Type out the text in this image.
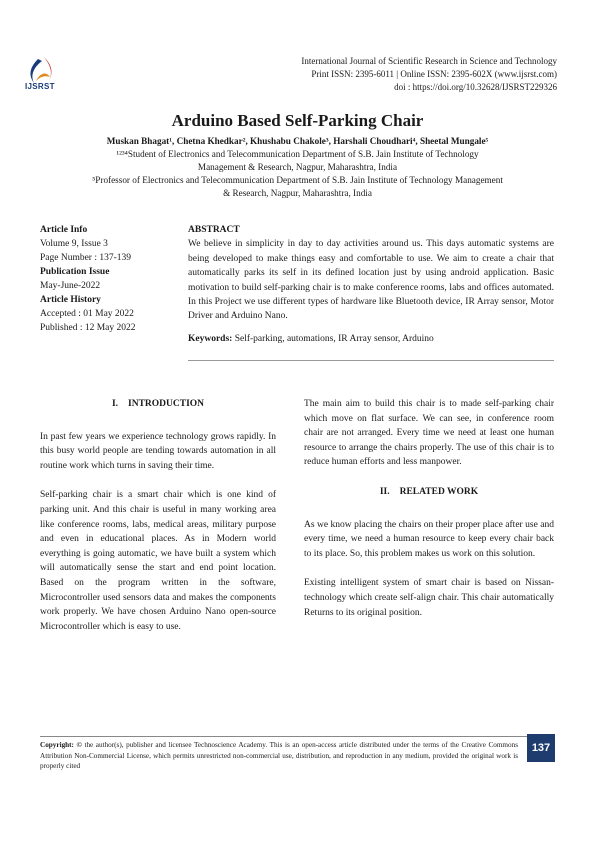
IJSRST
International Journal of Scientific Research in Science and Technology
Print ISSN: 2395-6011 | Online ISSN: 2395-602X (www.ijsrst.com)
doi : https://doi.org/10.32628/IJSRST229326
Arduino Based Self-Parking Chair
Muskan Bhagat¹, Chetna Khedkar², Khushabu Chakole³, Harshali Choudhari⁴, Sheetal Mungale⁵
¹²³⁴Student of Electronics and Telecommunication Department of S.B. Jain Institute of Technology
Management & Research, Nagpur, Maharashtra, India
⁵Professor of Electronics and Telecommunication Department of S.B. Jain Institute of Technology Management
& Research, Nagpur, Maharashtra, India
Article Info
Volume 9, Issue 3
Page Number : 137-139
Publication Issue
May-June-2022
Article History
Accepted : 01 May 2022
Published : 12 May 2022
ABSTRACT

We believe in simplicity in day to day activities around us. This days automatic systems are being developed to make things easy and comfortable to use. We aim to create a chair that automatically parks its self in its defined location just by using android application. Basic motivation to build self-parking chair is to make conference rooms, labs and offices automated. In this Project we use different types of hardware like Bluetooth device, IR Array sensor, Motor Driver and Arduino Nano.

Keywords: Self-parking, automations, IR Array sensor, Arduino
I. INTRODUCTION

In past few years we experience technology grows rapidly. In this busy world people are tending towards automation in all routine work which turns in saving their time.

Self-parking chair is a smart chair which is one kind of parking unit. And this chair is useful in many working area like conference rooms, labs, medical areas, military purpose and even in educational places. As in Modern world everything is going automatic, we have built a system which will automatically sense the start and end point location. Based on the program written in the software, Microcontroller used sensors data and makes the components work properly. We have chosen Arduino Nano open-source Microcontroller which is easy to use.

The main aim to build this chair is to made self-parking chair which move on flat surface. We can see, in conference room chair are not arranged. Every time we need at least one human resource to arrange the chairs properly. The use of this chair is to reduce human efforts and less manpower.

II. RELATED WORK

As we know placing the chairs on their proper place after use and every time, we need a human resource to keep every chair back to its place. So, this problem makes us work on this solution.

Existing intelligent system of smart chair is based on Nissan-technology which create self-align chair. This chair automatically Returns to its original position.

Copyright: © the author(s), publisher and licensee Technoscience Academy. This is an open-access article distributed under the terms of the Creative Commons Attribution Non-Commercial License, which permits unrestricted non-commercial use, distribution, and reproduction in any medium, provided the original work is properly cited
137
